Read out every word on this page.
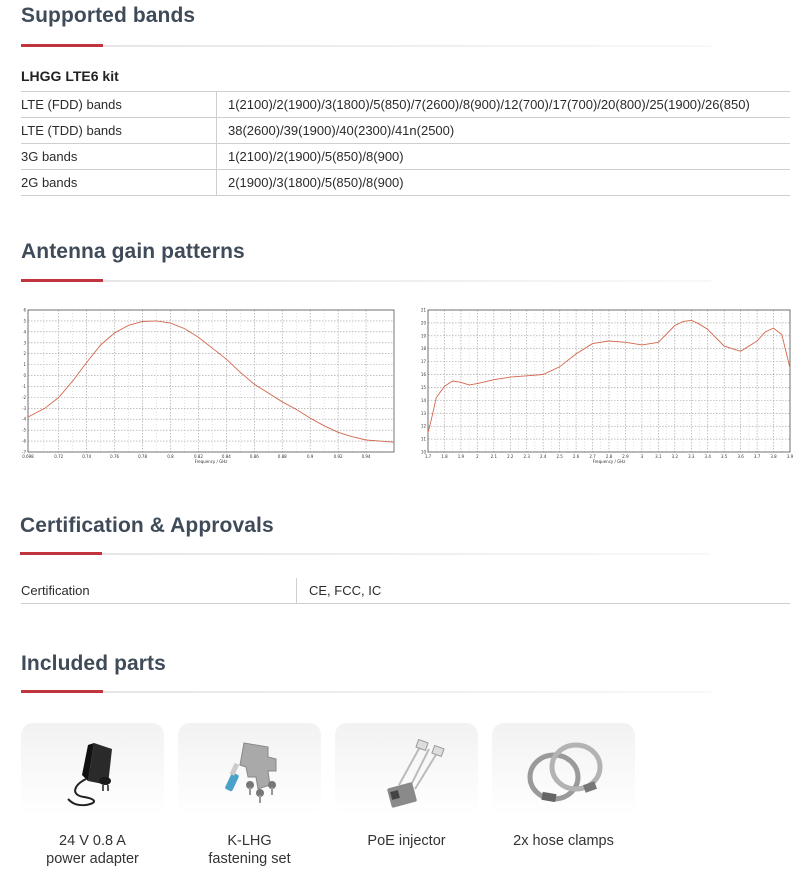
Supported bands
LHGG LTE6 kit
LTE (FDD) bands	1(2100)/2(1900)/3(1800)/5(850)/7(2600)/8(900)/12(700)/17(700)/20(800)/25(1900)/26(850)
LTE (TDD) bands	38(2600)/39(1900)/40(2300)/41n(2500)
3G bands	1(2100)/2(1900)/5(850)/8(900)
2G bands	2(1900)/3(1800)/5(850)/8(900)
Antenna gain patterns
0.698	0.72	0.74	0.76	0.78	0.8	0.82	0.84	0.86	0.88	0.9	0.92	0.94
6
5
4
3
2
1
0
-1
-2
-3
-4
-5
-6
-7
Frequency / GHz
1.7	1.8	1.9	2	2.1	2.2	2.3	2.4	2.5	2.6	2.7	2.8	2.9	3	3.1	3.2	3.3	3.4	3.5	3.6	3.7	3.8	3.9
21
20
19
18
17
16
15
14
13
12
11
10
Frequency / GHz
Certification & Approvals
Certification	CE, FCC, IC
Included parts
24 V 0.8 A
power adapter
K-LHG
fastening set
PoE injector	2x hose clamps
